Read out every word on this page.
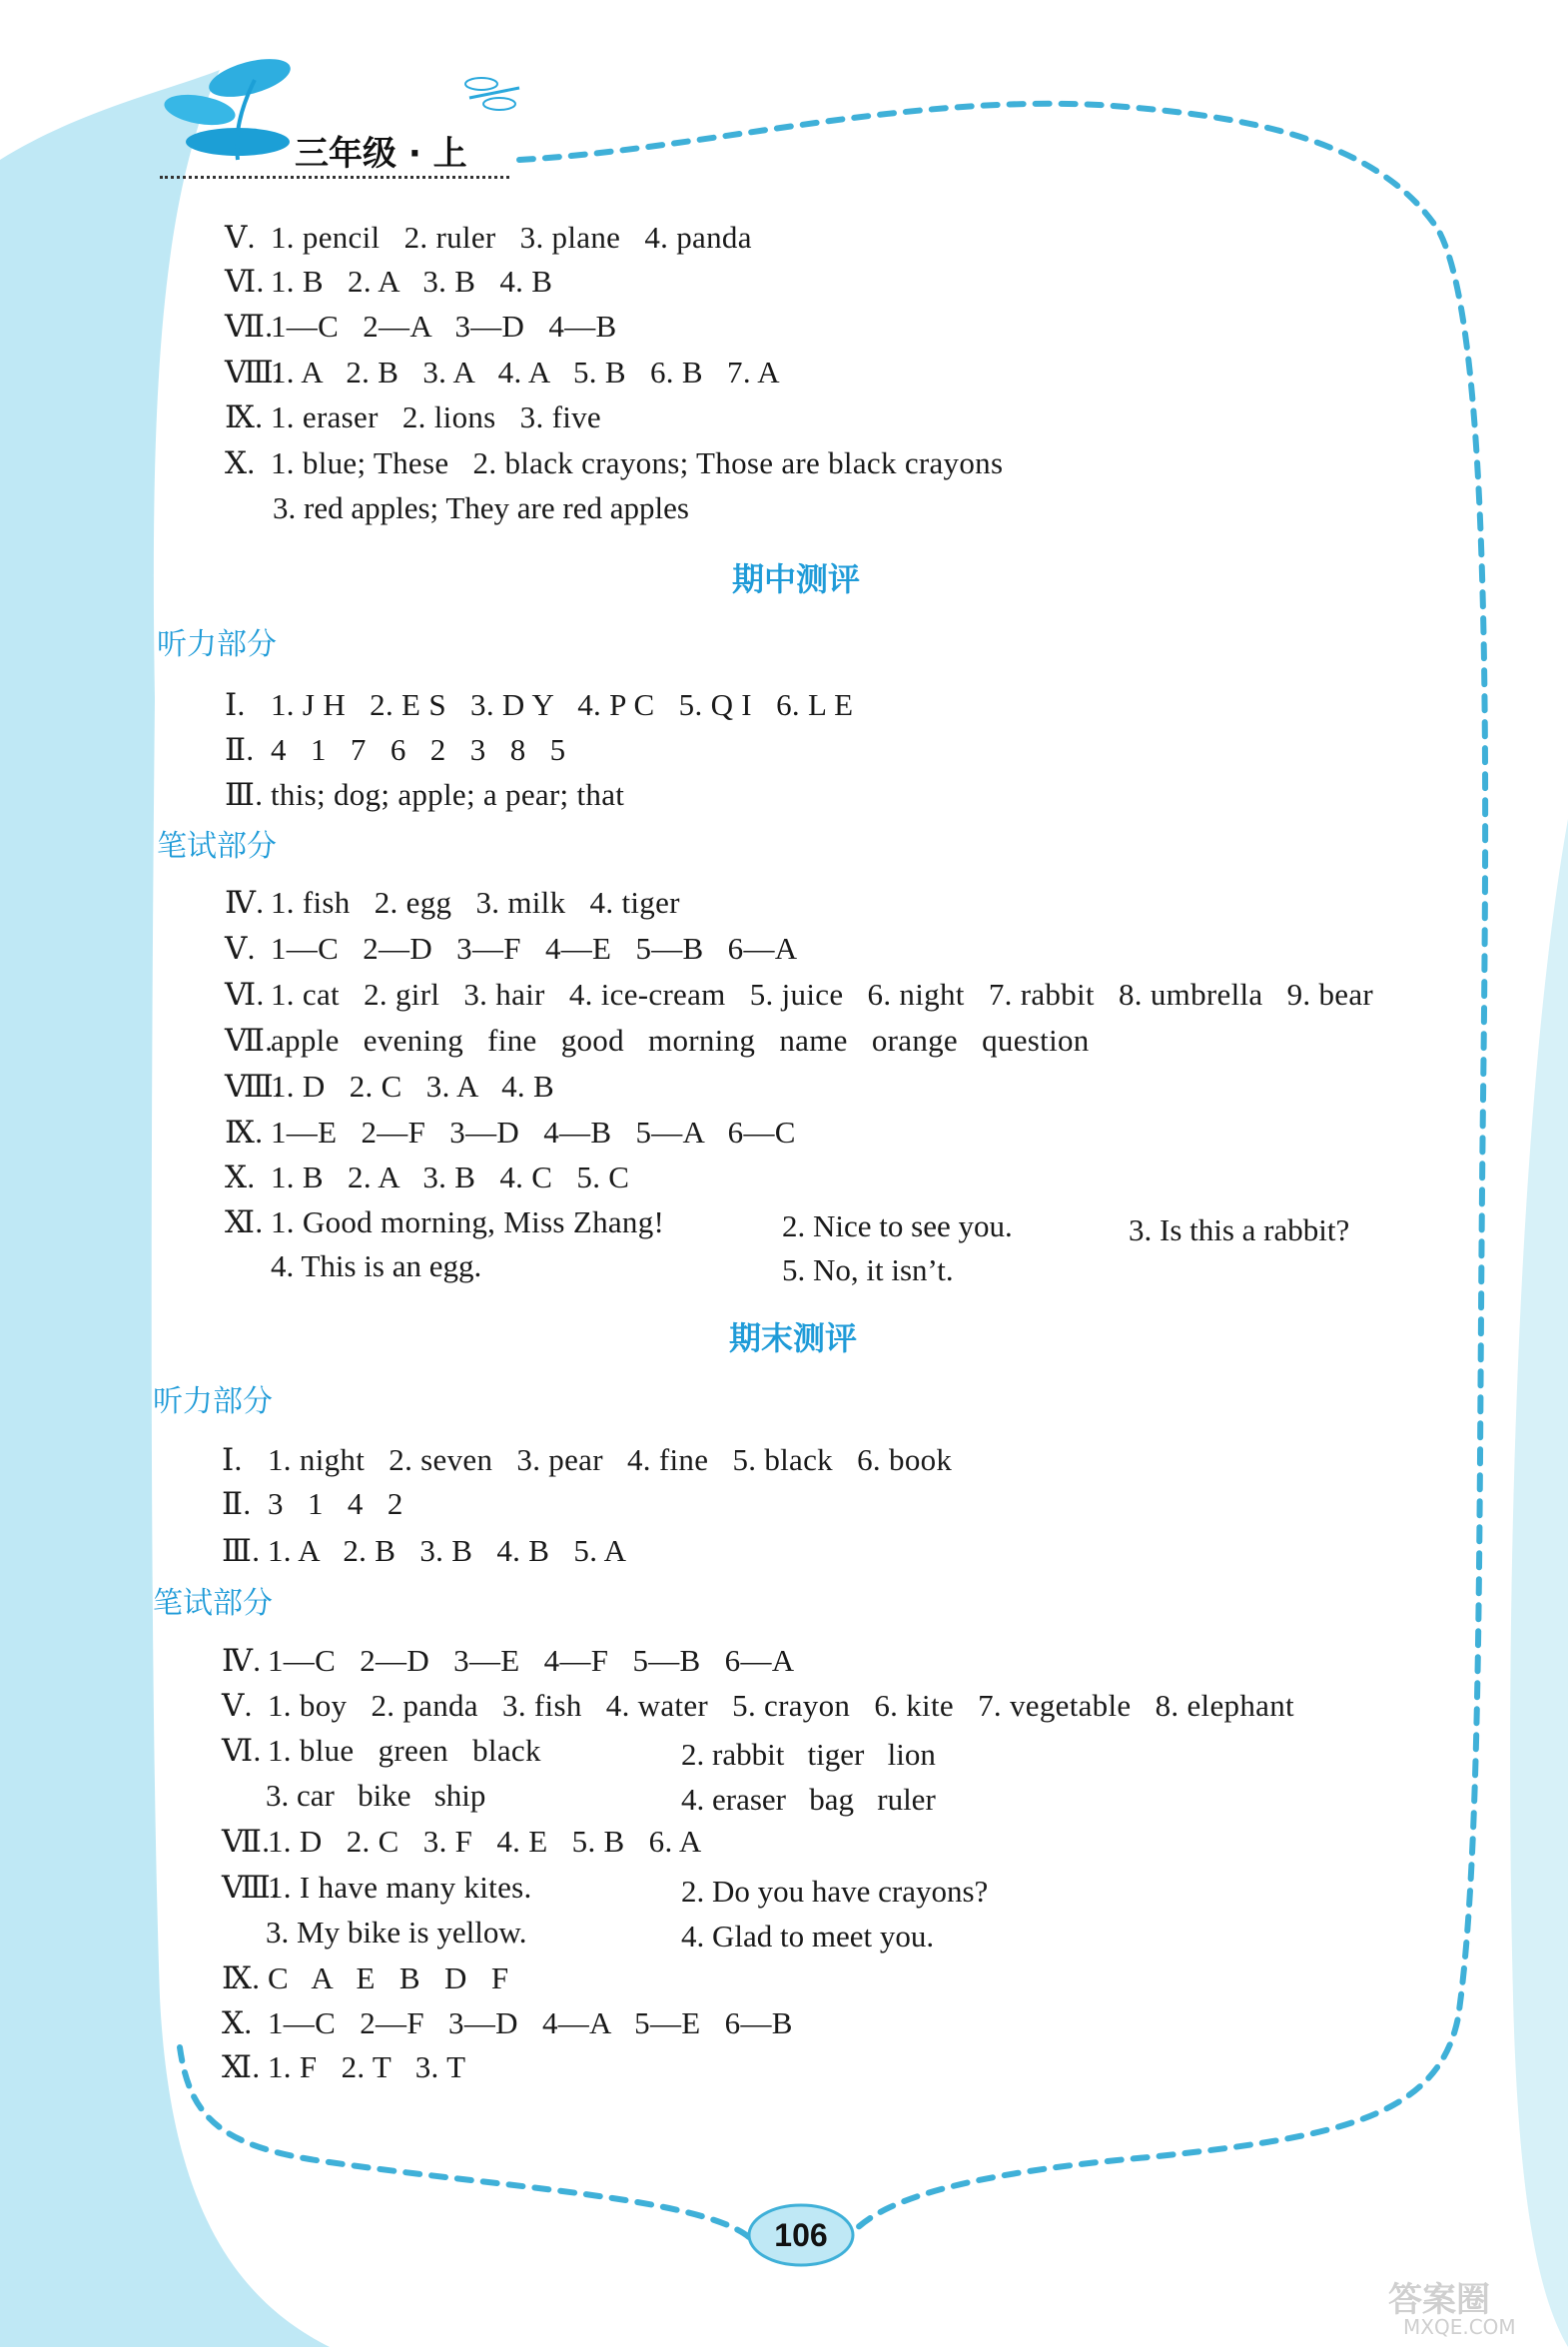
三年级 · 上
Ⅴ. 1. pencil   2. ruler   3. plane   4. panda
Ⅵ. 1. B   2. A   3. B   4. B
Ⅶ.1—C   2—A   3—D   4—B
Ⅷ.1. A   2. B   3. A   4. A   5. B   6. B   7. A
Ⅸ. 1. eraser   2. lions   3. five
Ⅹ. 1. blue; These   2. black crayons; Those are black crayons
3. red apples; They are red apples
期中测评
听力部分
Ⅰ. 1. J H   2. E S   3. D Y   4. P C   5. Q I   6. L E
Ⅱ. 4   1   7   6   2   3   8   5
Ⅲ. this; dog; apple; a pear; that
笔试部分
Ⅳ. 1. fish   2. egg   3. milk   4. tiger
Ⅴ. 1—C   2—D   3—F   4—E   5—B   6—A
Ⅵ. 1. cat   2. girl   3. hair   4. ice-cream   5. juice   6. night   7. rabbit   8. umbrella   9. bear
Ⅶ.apple   evening   fine   good   morning   name   orange   question
Ⅷ.1. D   2. C   3. A   4. B
Ⅸ. 1—E   2—F   3—D   4—B   5—A   6—C
Ⅹ. 1. B   2. A   3. B   4. C   5. C
Ⅺ. 1. Good morning, Miss Zhang!	2. Nice to see you.	3. Is this a rabbit?
4. This is an egg.	5. No, it isn’t.
期末测评
听力部分
Ⅰ. 1. night   2. seven   3. pear   4. fine   5. black   6. book
Ⅱ. 3   1   4   2
Ⅲ. 1. A   2. B   3. B   4. B   5. A
笔试部分
Ⅳ. 1—C   2—D   3—E   4—F   5—B   6—A
Ⅴ. 1. boy   2. panda   3. fish   4. water   5. crayon   6. kite   7. vegetable   8. elephant
Ⅵ. 1. blue   green   black	2. rabbit   tiger   lion
3. car   bike   ship	4. eraser   bag   ruler
Ⅶ.1. D   2. C   3. F   4. E   5. B   6. A
Ⅷ.1. I have many kites.	2. Do you have crayons?
3. My bike is yellow.	4. Glad to meet you.
Ⅸ. C   A   E   B   D   F
Ⅹ. 1—C   2—F   3—D   4—A   5—E   6—B
Ⅺ. 1. F   2. T   3. T
106
答案圈
MXQE.COM
